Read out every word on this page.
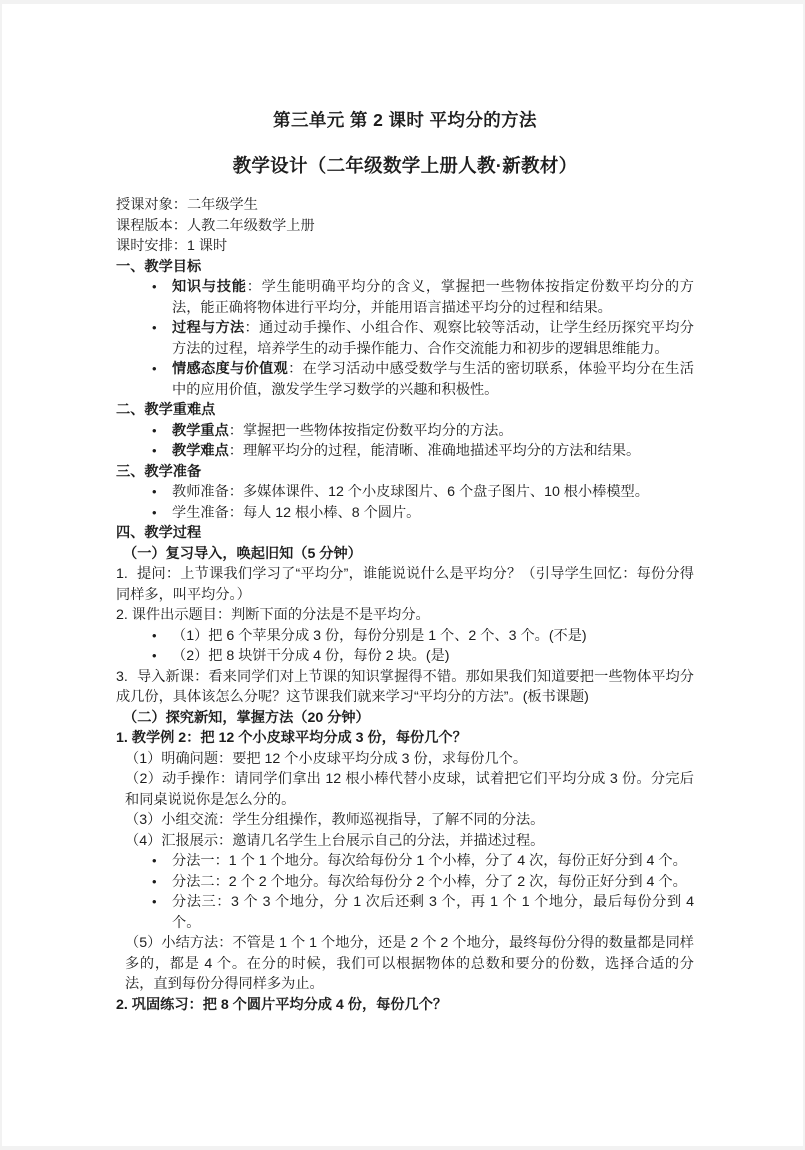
第三单元 第 2 课时 平均分的方法
教学设计（二年级数学上册人教·新教材）
授课对象：二年级学生
课程版本：人教二年级数学上册
课时安排：1 课时
一、教学目标
• 知识与技能：学生能明确平均分的含义，掌握把一些物体按指定份数平均分的方法，能正确将物体进行平均分，并能用语言描述平均分的过程和结果。
• 过程与方法：通过动手操作、小组合作、观察比较等活动，让学生经历探究平均分方法的过程，培养学生的动手操作能力、合作交流能力和初步的逻辑思维能力。
• 情感态度与价值观：在学习活动中感受数学与生活的密切联系，体验平均分在生活中的应用价值，激发学生学习数学的兴趣和积极性。
二、教学重难点
• 教学重点：掌握把一些物体按指定份数平均分的方法。
• 教学难点：理解平均分的过程，能清晰、准确地描述平均分的方法和结果。
三、教学准备
• 教师准备：多媒体课件、12 个小皮球图片、6 个盘子图片、10 根小棒模型。
• 学生准备：每人 12 根小棒、8 个圆片。
四、教学过程
（一）复习导入，唤起旧知（5 分钟）
1. 提问：上节课我们学习了“平均分”，谁能说说什么是平均分？（引导学生回忆：每份分得同样多，叫平均分。）
2. 课件出示题目：判断下面的分法是不是平均分。
• （1）把 6 个苹果分成 3 份，每份分别是 1 个、2 个、3 个。(不是)
• （2）把 8 块饼干分成 4 份，每份 2 块。(是)
3. 导入新课：看来同学们对上节课的知识掌握得不错。那如果我们知道要把一些物体平均分成几份，具体该怎么分呢？这节课我们就来学习“平均分的方法”。(板书课题)
（二）探究新知，掌握方法（20 分钟）
1. 教学例 2：把 12 个小皮球平均分成 3 份，每份几个？
（1）明确问题：要把 12 个小皮球平均分成 3 份，求每份几个。
（2）动手操作：请同学们拿出 12 根小棒代替小皮球，试着把它们平均分成 3 份。分完后和同桌说说你是怎么分的。
（3）小组交流：学生分组操作，教师巡视指导，了解不同的分法。
（4）汇报展示：邀请几名学生上台展示自己的分法，并描述过程。
• 分法一：1 个 1 个地分。每次给每份分 1 个小棒，分了 4 次，每份正好分到 4 个。
• 分法二：2 个 2 个地分。每次给每份分 2 个小棒，分了 2 次，每份正好分到 4 个。
• 分法三：3 个 3 个地分，分 1 次后还剩 3 个，再 1 个 1 个地分，最后每份分到 4 个。
（5）小结方法：不管是 1 个 1 个地分，还是 2 个 2 个地分，最终每份分得的数量都是同样多的，都是 4 个。在分的时候，我们可以根据物体的总数和要分的份数，选择合适的分法，直到每份分得同样多为止。
2. 巩固练习：把 8 个圆片平均分成 4 份，每份几个？
